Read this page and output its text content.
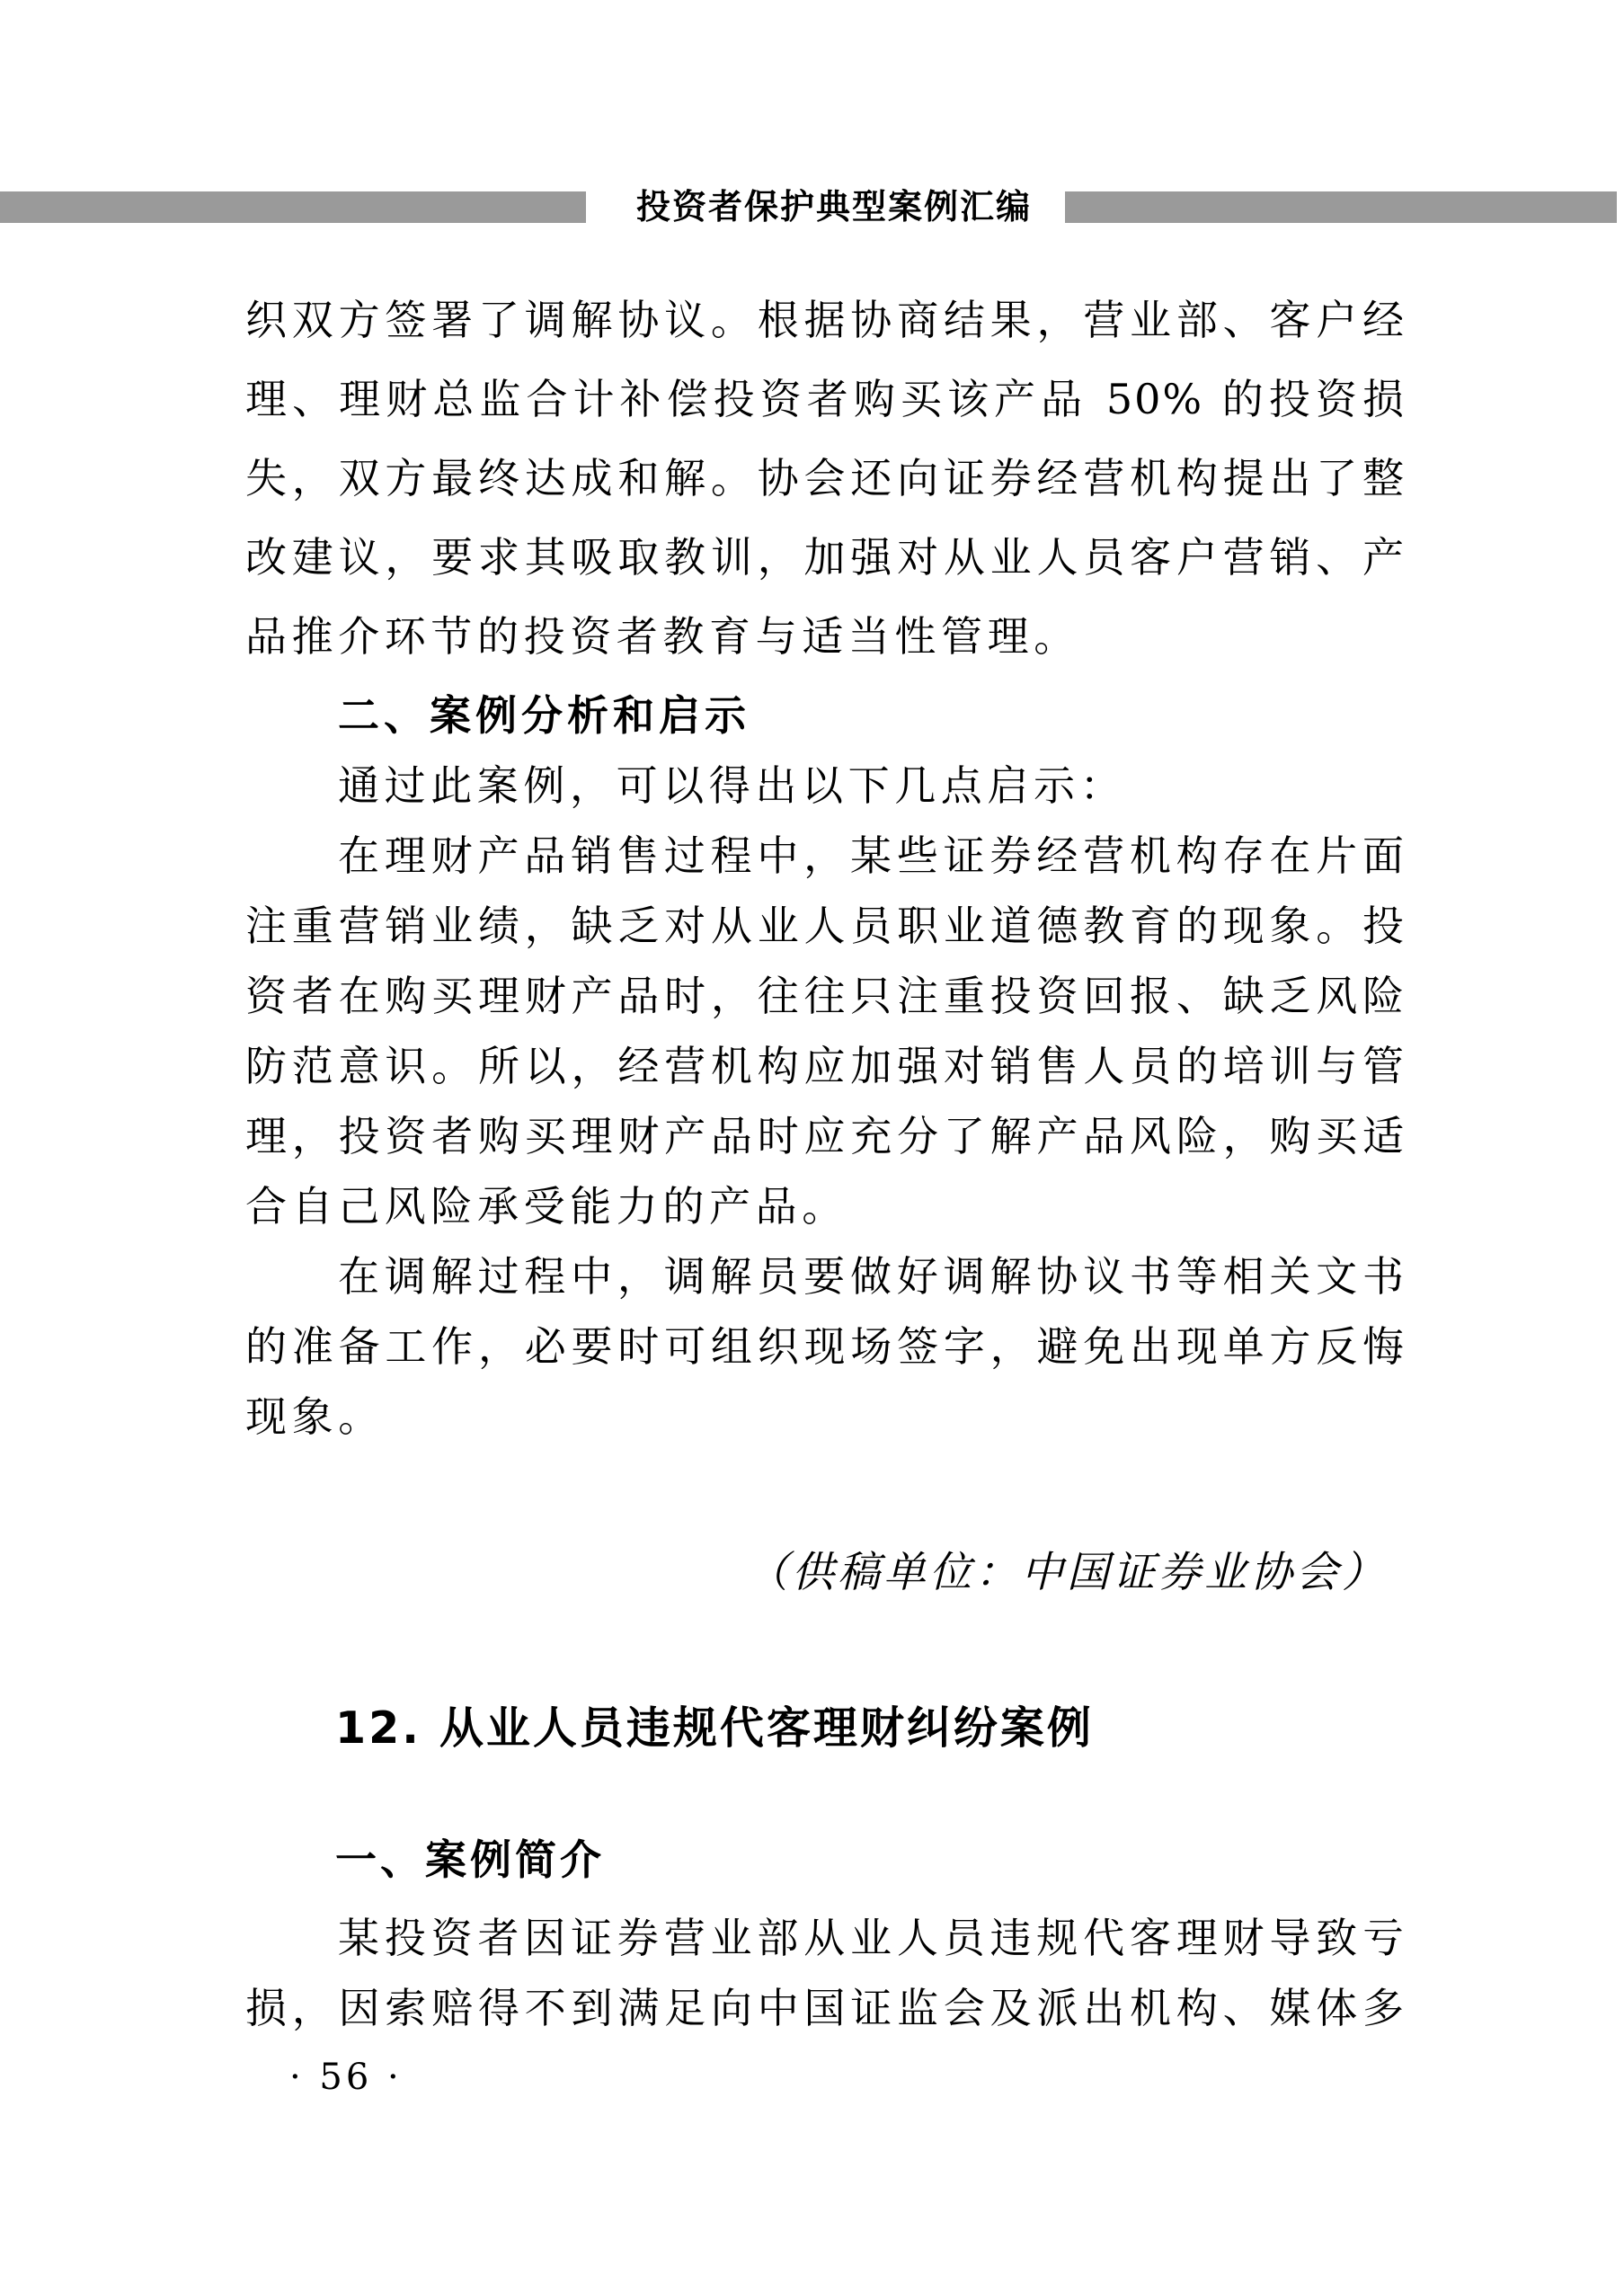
投资者保护典型案例汇编
织双方签署了调解协议。根据协商结果，营业部、客户经
理、理财总监合计补偿投资者购买该产品 50% 的投资损
失，双方最终达成和解。协会还向证券经营机构提出了整
改建议，要求其吸取教训，加强对从业人员客户营销、产
品推介环节的投资者教育与适当性管理。
二、案例分析和启示
通过此案例，可以得出以下几点启示：
在理财产品销售过程中，某些证券经营机构存在片面
注重营销业绩，缺乏对从业人员职业道德教育的现象。投
资者在购买理财产品时，往往只注重投资回报、缺乏风险
防范意识。所以，经营机构应加强对销售人员的培训与管
理，投资者购买理财产品时应充分了解产品风险，购买适
合自己风险承受能力的产品。
在调解过程中，调解员要做好调解协议书等相关文书
的准备工作，必要时可组织现场签字，避免出现单方反悔
现象。
（供稿单位：中国证券业协会）
12. 从业人员违规代客理财纠纷案例
一、案例简介
某投资者因证券营业部从业人员违规代客理财导致亏
损，因索赔得不到满足向中国证监会及派出机构、媒体多
· 56 ·
